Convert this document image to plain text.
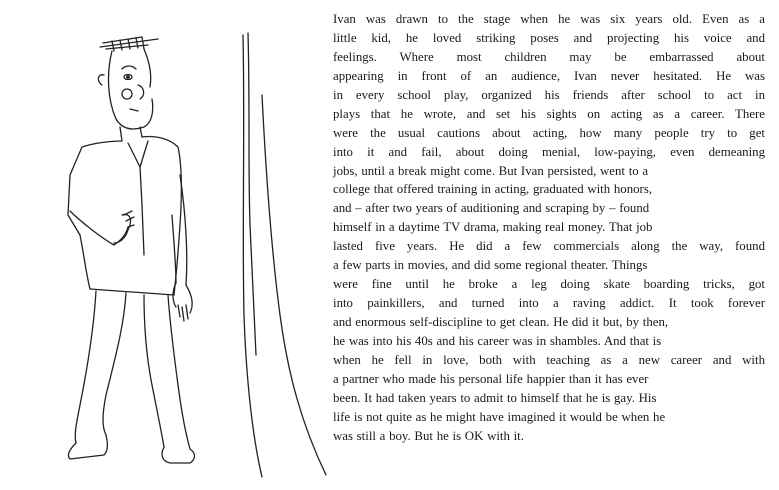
Ivan was drawn to the stage when he was six years old. Even as a
little kid, he loved striking poses and projecting his voice and
feelings. Where most children may be embarrassed about
appearing in front of an audience, Ivan never hesitated. He was
in every school play, organized his friends after school to act in
plays that he wrote, and set his sights on acting as a career. There
were the usual cautions about acting, how many people try to get
into it and fail, about doing menial, low-paying, even demeaning
jobs, until a break might come. But Ivan persisted, went to a
college that offered training in acting, graduated with honors,
and – after two years of auditioning and scraping by – found
himself in a daytime TV drama, making real money. That job
lasted five years. He did a few commercials along the way, found
a few parts in movies, and did some regional theater. Things
were fine until he broke a leg doing skate boarding tricks, got
into painkillers, and turned into a raving addict. It took forever
and enormous self-discipline to get clean. He did it but, by then,
he was into his 40s and his career was in shambles. And that is
when he fell in love, both with teaching as a new career and with
a partner who made his personal life happier than it has ever
been. It had taken years to admit to himself that he is gay. His
life is not quite as he might have imagined it would be when he
was still a boy. But he is OK with it.
